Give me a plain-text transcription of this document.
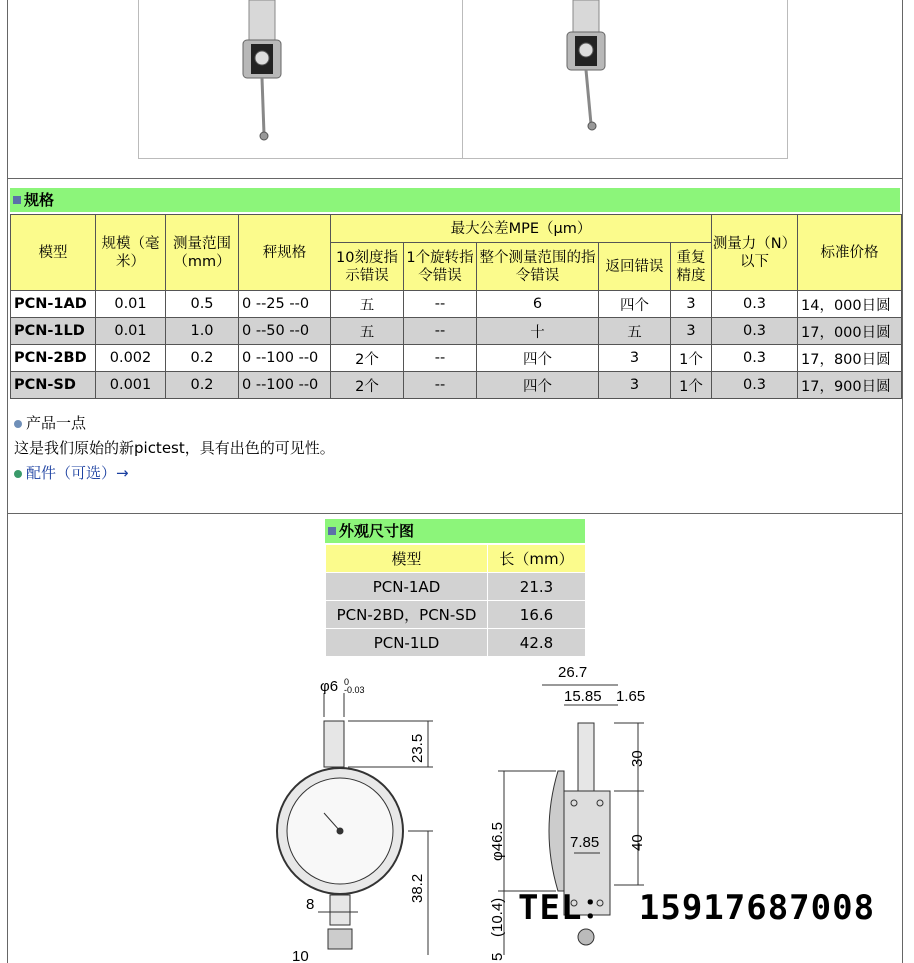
规格
模型	规模（毫米）	测量范围（mm）	秤规格	最大公差MPE（μm）					测量力（N）以下	标准价格
				10刻度指示错误	1个旋转指令错误	整个测量范围的指令错误	返回错误	重复精度		
PCN-1AD	0.01	0.5	0 --25 --0	五	--	6	四个	3	0.3	14，000日圆
PCN-1LD	0.01	1.0	0 --50 --0	五	--	十	五	3	0.3	17，000日圆
PCN-2BD	0.002	0.2	0 --100 --0	2个	--	四个	3	1个	0.3	17，800日圆
PCN-SD	0.001	0.2	0 --100 --0	2个	--	四个	3	1个	0.3	17，900日圆
产品一点
这是我们原始的新pictest，具有出色的可见性。
配件（可选）→
外观尺寸图
模型	长（mm）
PCN-1AD	21.3
PCN-2BD，PCN-SD	16.6
PCN-1LD	42.8
φ6 0
-0.03
23.5
38.2
8
10
26.7
15.85 1.65
30
40
φ46.5	7.85
(10.4)
5
TEL： 15917687008
